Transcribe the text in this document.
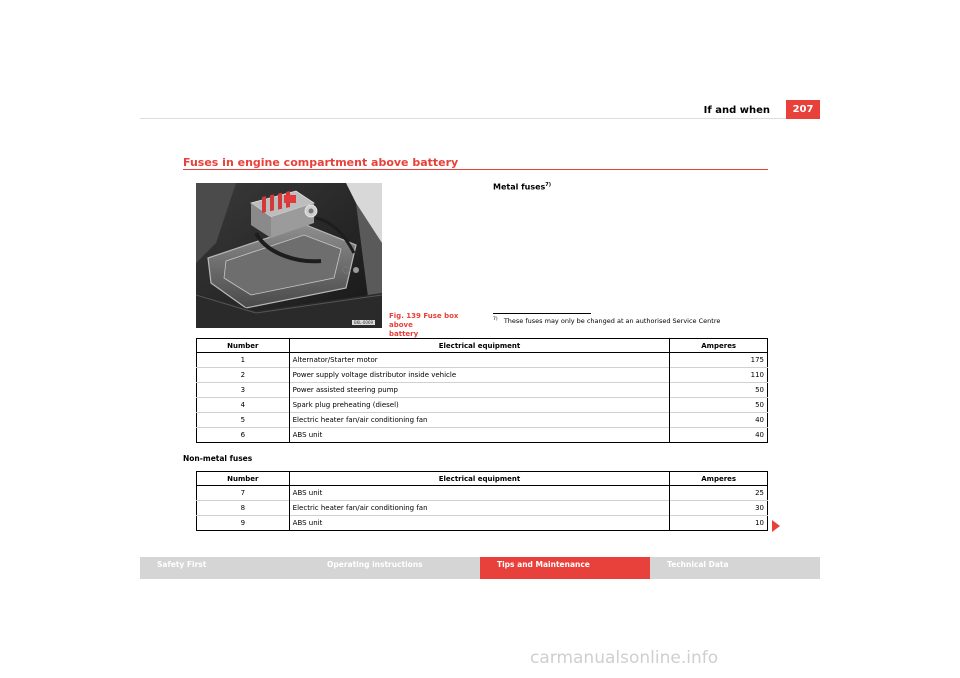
If and when	207
Fuses in engine compartment above battery
B6L-0069
Fig. 139 Fuse box above
battery
Metal fuses$^{7)}$
$^{7)}$ These fuses may only be changed at an authorised Service Centre
Number	Electrical equipment	Amperes
1	Alternator/Starter motor	175
2	Power supply voltage distributor inside vehicle	110
3	Power assisted steering pump	50
4	Spark plug preheating (diesel)	50
5	Electric heater fan/air conditioning fan	40
6	ABS unit	40
Non-metal fuses
Number	Electrical equipment	Amperes
7	ABS unit	25
8	Electric heater fan/air conditioning fan	30
9	ABS unit	10
Safety First	Operating instructions	Tips and Maintenance	Technical Data
carmanualsonline.info
